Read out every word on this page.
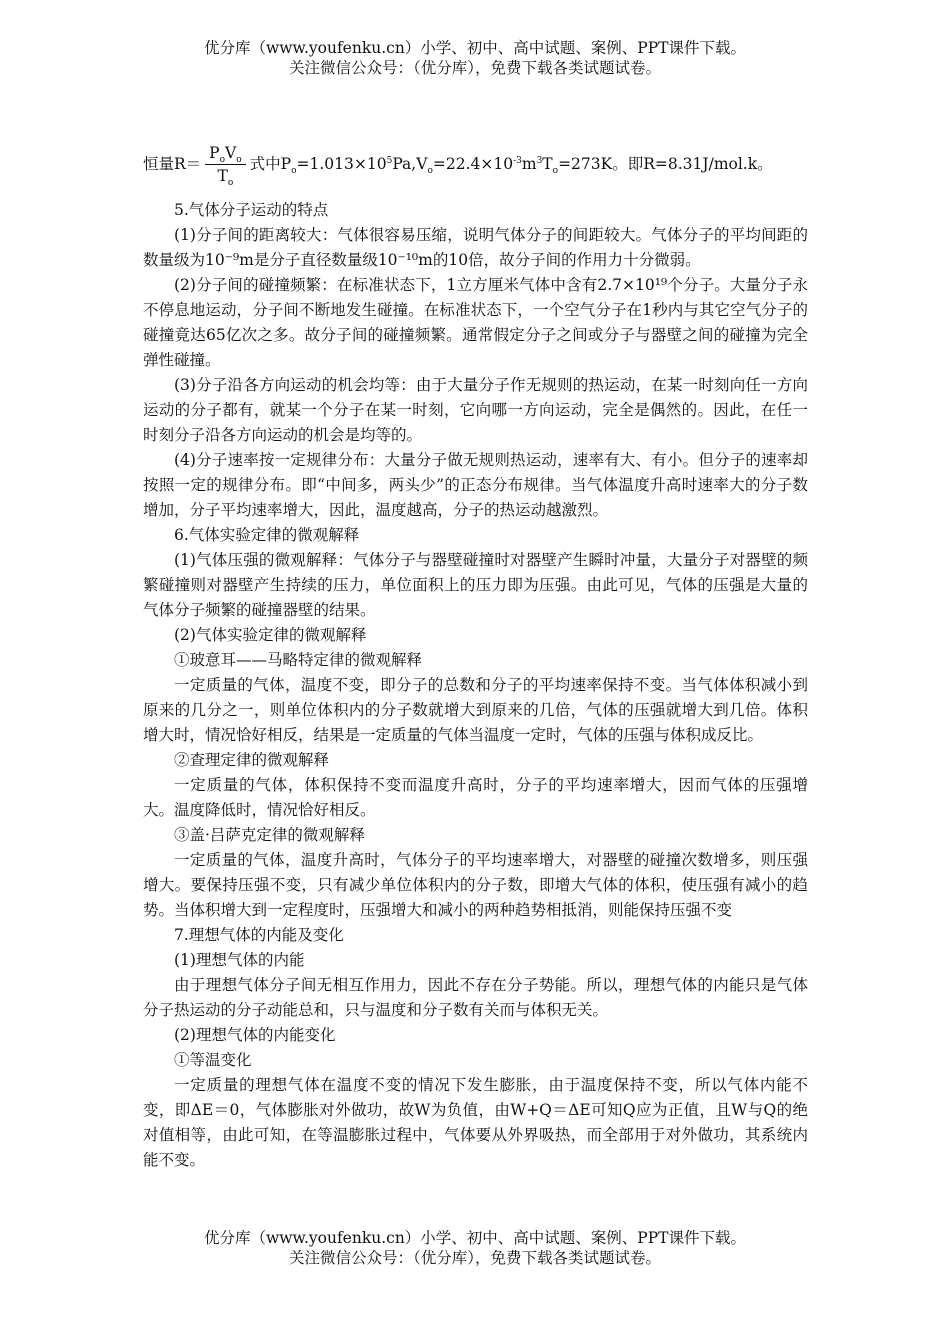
优分库（www.youfenku.cn）小学、初中、高中试题、案例、PPT课件下载。
关注微信公众号：（优分库），免费下载各类试题试卷。
恒量$R= \frac{P_oV_o}{T_o}$ 式中$P_o=1.013\times 10^5Pa,V_o=22.4\times 10^{-3}m^3T_o=273K$。即R=8.31J/mol.k。

5.气体分子运动的特点

(1)分子间的距离较大：气体很容易压缩，说明气体分子的间距较大。气体分子的平均间距的数量级为10⁻⁹m是分子直径数量级10⁻¹⁰m的10倍，故分子间的作用力十分微弱。

(2)分子间的碰撞频繁：在标准状态下，1立方厘米气体中含有2.7×10¹⁹个分子。大量分子永不停息地运动，分子间不断地发生碰撞。在标准状态下，一个空气分子在1秒内与其它空气分子的碰撞竟达65亿次之多。故分子间的碰撞频繁。通常假定分子之间或分子与器壁之间的碰撞为完全弹性碰撞。

(3)分子沿各方向运动的机会均等：由于大量分子作无规则的热运动，在某一时刻向任一方向运动的分子都有，就某一个分子在某一时刻，它向哪一方向运动，完全是偶然的。因此，在任一时刻分子沿各方向运动的机会是均等的。

(4)分子速率按一定规律分布：大量分子做无规则热运动，速率有大、有小。但分子的速率却按照一定的规律分布。即“中间多，两头少”的正态分布规律。当气体温度升高时速率大的分子数增加，分子平均速率增大，因此，温度越高，分子的热运动越激烈。

6.气体实验定律的微观解释

(1)气体压强的微观解释：气体分子与器壁碰撞时对器壁产生瞬时冲量，大量分子对器壁的频繁碰撞则对器壁产生持续的压力，单位面积上的压力即为压强。由此可见，气体的压强是大量的气体分子频繁的碰撞器壁的结果。

(2)气体实验定律的微观解释

①玻意耳——马略特定律的微观解释

一定质量的气体，温度不变，即分子的总数和分子的平均速率保持不变。当气体体积减小到原来的几分之一，则单位体积内的分子数就增大到原来的几倍，气体的压强就增大到几倍。体积增大时，情况恰好相反，结果是一定质量的气体当温度一定时，气体的压强与体积成反比。

②查理定律的微观解释

一定质量的气体，体积保持不变而温度升高时，分子的平均速率增大，因而气体的压强增大。温度降低时，情况恰好相反。

③盖·吕萨克定律的微观解释

一定质量的气体，温度升高时，气体分子的平均速率增大，对器壁的碰撞次数增多，则压强增大。要保持压强不变，只有减少单位体积内的分子数，即增大气体的体积，使压强有减小的趋势。当体积增大到一定程度时，压强增大和减小的两种趋势相抵消，则能保持压强不变

7.理想气体的内能及变化

(1)理想气体的内能

由于理想气体分子间无相互作用力，因此不存在分子势能。所以，理想气体的内能只是气体分子热运动的分子动能总和，只与温度和分子数有关而与体积无关。

(2)理想气体的内能变化

①等温变化

一定质量的理想气体在温度不变的情况下发生膨胀，由于温度保持不变，所以气体内能不变，即ΔE＝0，气体膨胀对外做功，故W为负值，由W+Q＝ΔE可知Q应为正值，且W与Q的绝对值相等，由此可知，在等温膨胀过程中，气体要从外界吸热，而全部用于对外做功，其系统内能不变。

优分库（www.youfenku.cn）小学、初中、高中试题、案例、PPT课件下载。
关注微信公众号：（优分库），免费下载各类试题试卷。
